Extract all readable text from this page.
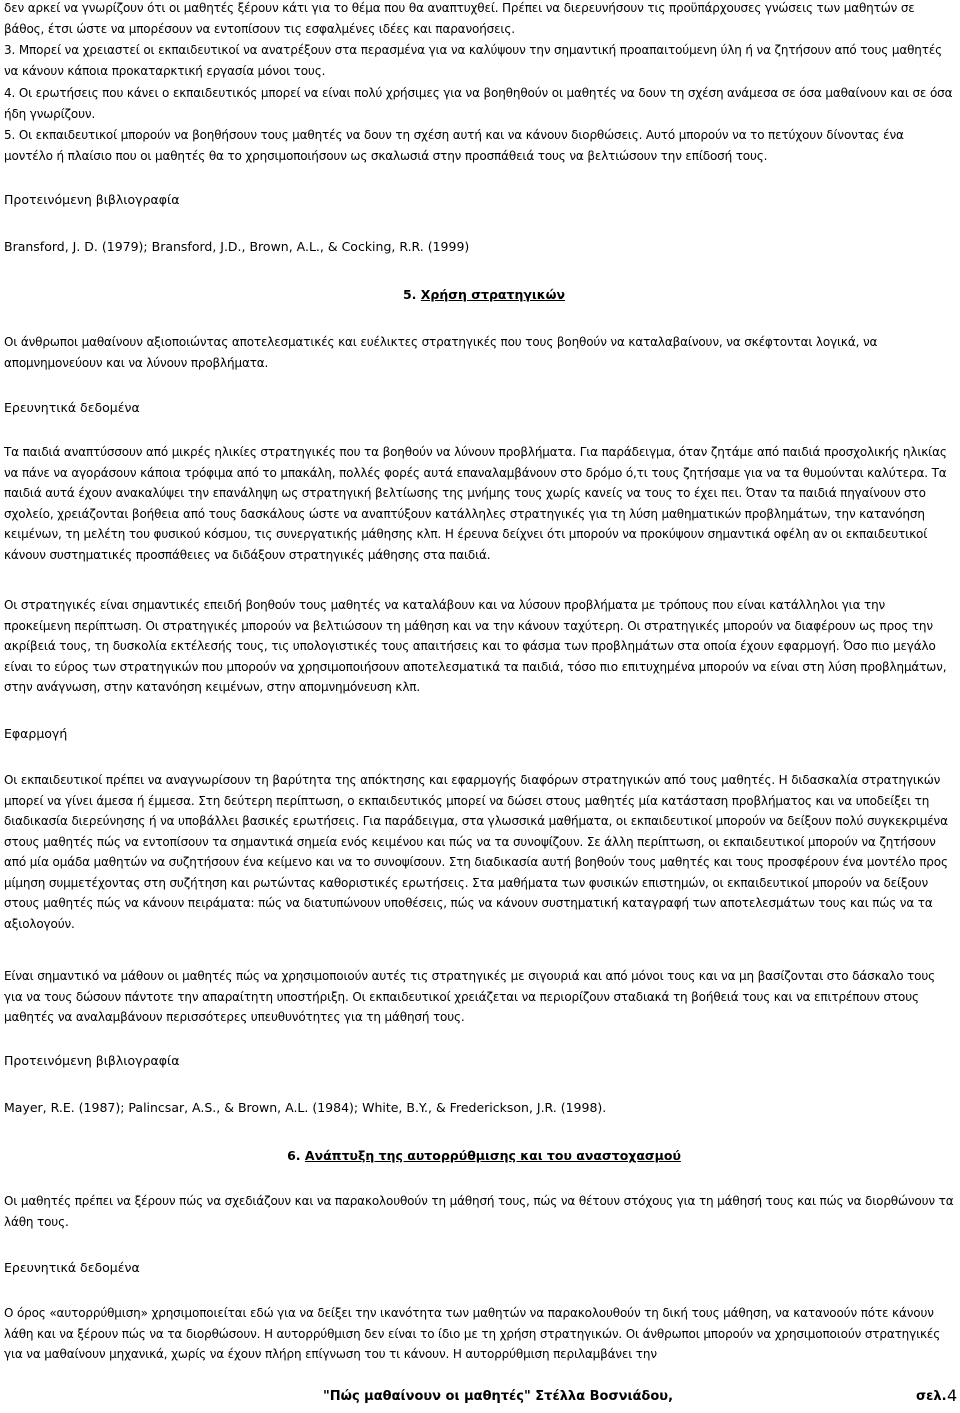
δεν αρκεί να γνωρίζουν ότι οι μαθητές ξέρουν κάτι για το θέμα που θα αναπτυχθεί. Πρέπει να διερευνήσουν τις προϋπάρχουσες γνώσεις των μαθητών σε βάθος, έτσι ώστε να μπορέσουν να εντοπίσουν τις εσφαλμένες ιδέες και παρανοήσεις.

3. Μπορεί να χρειαστεί οι εκπαιδευτικοί να ανατρέξουν στα περασμένα για να καλύψουν την σημαντική προαπαιτούμενη ύλη ή να ζητήσουν από τους μαθητές να κάνουν κάποια προκαταρκτική εργασία μόνοι τους.

4. Οι ερωτήσεις που κάνει ο εκπαιδευτικός μπορεί να είναι πολύ χρήσιμες για να βοηθηθούν οι μαθητές να δουν τη σχέση ανάμεσα σε όσα μαθαίνουν και σε όσα ήδη γνωρίζουν.

5. Οι εκπαιδευτικοί μπορούν να βοηθήσουν τους μαθητές να δουν τη σχέση αυτή και να κάνουν διορθώσεις. Αυτό μπορούν να το πετύχουν δίνοντας ένα μοντέλο ή πλαίσιο που οι μαθητές θα το χρησιμοποιήσουν ως σκαλωσιά στην προσπάθειά τους να βελτιώσουν την επίδοσή τους.

Προτεινόμενη βιβλιογραφία

Bransford, J. D. (1979); Bransford, J.D., Brown, A.L., & Cocking, R.R. (1999)

5. Χρήση στρατηγικών

Οι άνθρωποι μαθαίνουν αξιοποιώντας αποτελεσματικές και ευέλικτες στρατηγικές που τους βοηθούν να καταλαβαίνουν, να σκέφτονται λογικά, να απομνημονεύουν και να λύνουν προβλήματα.

Ερευνητικά δεδομένα

Τα παιδιά αναπτύσσουν από μικρές ηλικίες στρατηγικές που τα βοηθούν να λύνουν προβλήματα. Για παράδειγμα, όταν ζητάμε από παιδιά προσχολικής ηλικίας να πάνε να αγοράσουν κάποια τρόφιμα από το μπακάλη, πολλές φορές αυτά επαναλαμβάνουν στο δρόμο ό,τι τους ζητήσαμε για να τα θυμούνται καλύτερα. Τα παιδιά αυτά έχουν ανακαλύψει την επανάληψη ως στρατηγική βελτίωσης της μνήμης τους χωρίς κανείς να τους το έχει πει. Όταν τα παιδιά πηγαίνουν στο σχολείο, χρειάζονται βοήθεια από τους δασκάλους ώστε να αναπτύξουν κατάλληλες στρατηγικές για τη λύση μαθηματικών προβλημάτων, την κατανόηση κειμένων, τη μελέτη του φυσικού κόσμου, τις συνεργατικής μάθησης κλπ. Η έρευνα δείχνει ότι μπορούν να προκύψουν σημαντικά οφέλη αν οι εκπαιδευτικοί κάνουν συστηματικές προσπάθειες να διδάξουν στρατηγικές μάθησης στα παιδιά.

Οι στρατηγικές είναι σημαντικές επειδή βοηθούν τους μαθητές να καταλάβουν και να λύσουν προβλήματα με τρόπους που είναι κατάλληλοι για την προκείμενη περίπτωση. Οι στρατηγικές μπορούν να βελτιώσουν τη μάθηση και να την κάνουν ταχύτερη. Οι στρατηγικές μπορούν να διαφέρουν ως προς την ακρίβειά τους, τη δυσκολία εκτέλεσής τους, τις υπολογιστικές τους απαιτήσεις και το φάσμα των προβλημάτων στα οποία έχουν εφαρμογή. Όσο πιο μεγάλο είναι το εύρος των στρατηγικών που μπορούν να χρησιμοποιήσουν αποτελεσματικά τα παιδιά, τόσο πιο επιτυχημένα μπορούν να είναι στη λύση προβλημάτων, στην ανάγνωση, στην κατανόηση κειμένων, στην απομνημόνευση κλπ.

Εφαρμογή

Οι εκπαιδευτικοί πρέπει να αναγνωρίσουν τη βαρύτητα της απόκτησης και εφαρμογής διαφόρων στρατηγικών από τους μαθητές. Η διδασκαλία στρατηγικών μπορεί να γίνει άμεσα ή έμμεσα. Στη δεύτερη περίπτωση, ο εκπαιδευτικός μπορεί να δώσει στους μαθητές μία κατάσταση προβλήματος και να υποδείξει τη διαδικασία διερεύνησης ή να υποβάλλει βασικές ερωτήσεις. Για παράδειγμα, στα γλωσσικά μαθήματα, οι εκπαιδευτικοί μπορούν να δείξουν πολύ συγκεκριμένα στους μαθητές πώς να εντοπίσουν τα σημαντικά σημεία ενός κειμένου και πώς να τα συνοψίζουν. Σε άλλη περίπτωση, οι εκπαιδευτικοί μπορούν να ζητήσουν από μία ομάδα μαθητών να συζητήσουν ένα κείμενο και να το συνοψίσουν. Στη διαδικασία αυτή βοηθούν τους μαθητές και τους προσφέρουν ένα μοντέλο προς μίμηση συμμετέχοντας στη συζήτηση και ρωτώντας καθοριστικές ερωτήσεις. Στα μαθήματα των φυσικών επιστημών, οι εκπαιδευτικοί μπορούν να δείξουν στους μαθητές πώς να κάνουν πειράματα: πώς να διατυπώνουν υποθέσεις, πώς να κάνουν συστηματική καταγραφή των αποτελεσμάτων τους και πώς να τα αξιολογούν.

Είναι σημαντικό να μάθουν οι μαθητές πώς να χρησιμοποιούν αυτές τις στρατηγικές με σιγουριά και από μόνοι τους και να μη βασίζονται στο δάσκαλο τους για να τους δώσουν πάντοτε την απαραίτητη υποστήριξη. Οι εκπαιδευτικοί χρειάζεται να περιορίζουν σταδιακά τη βοήθειά τους και να επιτρέπουν στους μαθητές να αναλαμβάνουν περισσότερες υπευθυνότητες για τη μάθησή τους.

Προτεινόμενη βιβλιογραφία

Mayer, R.E. (1987); Palincsar, A.S., & Brown, A.L. (1984); White, B.Y., & Frederickson, J.R. (1998).

6. Ανάπτυξη της αυτορρύθμισης και του αναστοχασμού

Οι μαθητές πρέπει να ξέρουν πώς να σχεδιάζουν και να παρακολουθούν τη μάθησή τους, πώς να θέτουν στόχους για τη μάθησή τους και πώς να διορθώνουν τα λάθη τους.

Ερευνητικά δεδομένα

Ο όρος «αυτορρύθμιση» χρησιμοποιείται εδώ για να δείξει την ικανότητα των μαθητών να παρακολουθούν τη δική τους μάθηση, να κατανοούν πότε κάνουν λάθη και να ξέρουν πώς να τα διορθώσουν. Η αυτορρύθμιση δεν είναι το ίδιο με τη χρήση στρατηγικών. Οι άνθρωποι μπορούν να χρησιμοποιούν στρατηγικές για να μαθαίνουν μηχανικά, χωρίς να έχουν πλήρη επίγνωση του τι κάνουν. Η αυτορρύθμιση περιλαμβάνει την

"Πώς μαθαίνουν οι μαθητές" Στέλλα Βοσνιάδου,	σελ. 4
